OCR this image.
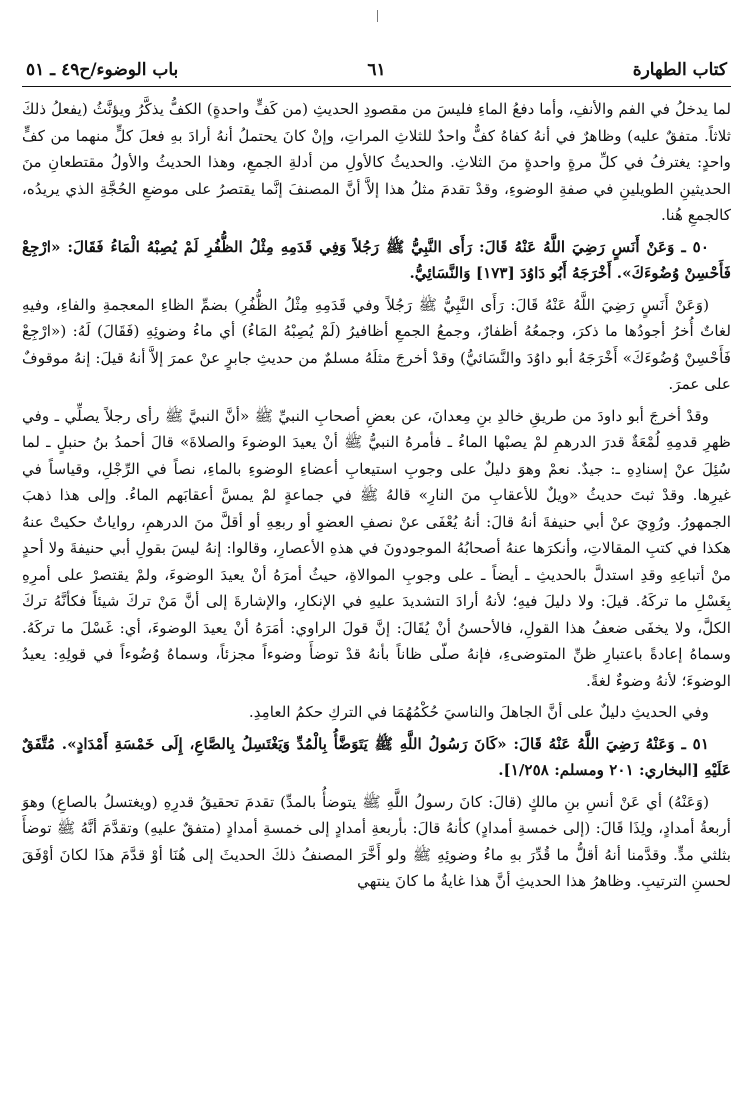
كتاب الطهارة
٦١
باب الوضوء/ح٤٩ ـ ٥١

لما يدخلُ في الفم والأنفِ، وأما دفعُ الماءِ فليسَ من مقصودِ الحديثِ (من كَفٍّ واحدةٍ) الكفُّ يذكَّرُ ويؤنَّثُ (يفعلُ ذلكَ ثلاثاً. متفقٌ عليه) وظاهرٌ في أنهُ كفاهُ كفٌّ واحدٌ للثلاثِ المراتِ، وإنْ كانَ يحتملُ أنهُ أرادَ بهِ فعلَ كلٍّ منهما من كفٍّ واحدٍ: يغترفُ في كلِّ مرةٍ واحدةٍ منَ الثلاثِ. والحديثُ كالأولِ من أدلةِ الجمعِ، وهذا الحديثُ والأولُ مقتطعانِ منَ الحديثينِ الطويلينِ في صفةِ الوضوءِ، وقدْ تقدمَ مثلُ هذا إلاَّ أنَّ المصنفَ إنَّما يقتصرُ على موضعِ الحُجَّةِ الذي يريدُه، كالجمعِ هُنا.

٥٠ ـ وَعَنْ أَنَسٍ رَضِيَ اللَّهُ عَنْهُ قَالَ: رَأَى النَّبِيُّ ﷺ رَجُلاً وَفِي قَدَمِهِ مِثْلُ الظُّفُرِ لَمْ يُصِبْهُ الْمَاءُ فَقَالَ: «ارْجِعْ فَأَحْسِنْ وُضُوءَكَ». أَخْرَجَهُ أَبُو دَاوُدَ [١٧٣] وَالنَّسَائِيُّ.

(وَعَنْ أَنَسٍ رَضِيَ اللَّهُ عَنْهُ قَالَ: رَأَى النَّبِيُّ ﷺ رَجُلاً وفي قَدَمِهِ مِثْلُ الظُّفُرِ) بضمِّ الظاءِ المعجمةِ والفاءِ، وفيهِ لغاتٌ أُخرُ أجودُها ما ذكرَ، وجمعُهُ أظفارٌ، وجمعُ الجمعِ أظافيرُ (لَمْ يُصِبْهُ المَاءُ) أي ماءُ وضوئِهِ (فَقَالَ) لَهُ: («ارْجِعْ فَأَحْسِنْ وُضُوءَكَ» أَخْرَجَهُ أبو داوُدَ والنَّسَائيُّ) وقدْ أخرجَ مثلَهُ مسلمٌ من حديثِ جابرٍ عنْ عمرَ إلاَّ أنهُ قيلَ: إنهُ موقوفٌ على عمرَ.

وقدْ أخرجَ أبو داودَ من طريقِ خالدِ بنِ مِعدانَ، عن بعضِ أصحابِ النبيِّ ﷺ «أنَّ النبيَّ ﷺ رأى رجلاً يصلِّي ـ وفي ظهرِ قدمِهِ لُمْعَةٌ قدرَ الدرهمِ لمْ يصبْها الماءُ ـ فأمرهُ النبيُّ ﷺ أنْ يعيدَ الوضوءَ والصلاةَ» قالَ أحمدُ بنُ حنبلٍ ـ لما سُئِلَ عنْ إسنادِهِ ـ: جيدٌ. نعمْ وهوَ دليلٌ على وجوبِ استيعابِ أعضاءِ الوضوءِ بالماءِ، نصاً في الرِّجْلِ، وقياساً في غيرِها. وقدْ ثبتَ حديثُ «ويلٌ للأعقابِ منَ النارِ» قالهُ ﷺ في جماعةٍ لمْ يمسَّ أعقابَهم الماءُ. وإلى هذا ذهبَ الجمهورُ. ورُوِيَ عنْ أبي حنيفةَ أنهُ قالَ: أنهُ يُعْفَى عنْ نصفِ العضوِ أو ربعِهِ أو أقلَّ منَ الدرهمِ، رواياتٌ حكيتْ عنهُ هكذا في كتبِ المقالاتِ، وأنكرَها عنهُ أصحابُهُ الموجودونَ في هذهِ الأعصارِ، وقالوا: إنهُ ليسَ بقولِ أبي حنيفةَ ولا أحدٍ منْ أتباعِهِ وقدِ استدلَّ بالحديثِ ـ أيضاً ـ على وجوبِ الموالاةِ، حيثُ أمرَهُ أنْ يعيدَ الوضوءَ، ولمْ يقتصرْ على أمرِهِ بِغَسْلِ ما تركَهُ. قيلَ: ولا دليلَ فيهِ؛ لأنهُ أرادَ التشديدَ عليهِ في الإنكارِ، والإشارةَ إلى أنَّ مَنْ تركَ شيئاً فكأنَّهُ تركَ الكلَّ، ولا يخفَى ضعفُ هذا القولِ، فالأحسنُ أنْ يُقَالَ: إنَّ قولَ الراوي: أمَرَهُ أنْ يعيدَ الوضوءَ، أي: غَسْلَ ما تركَهُ. وسماهُ إعادةً باعتبارِ ظنِّ المتوضىءِ، فإنهُ صلّى ظاناً بأنهُ قدْ توضأَ وضوءاً مجزئاً، وسماهُ وُضُوءاً في قولِهِ: يعيدُ الوضوءَ؛ لأنهُ وضوءٌ لغةً.

وفي الحديثِ دليلٌ على أنَّ الجاهلَ والناسيَ حُكْمُهُمَا في التركِ حكمُ العامِدِ.

٥١ ـ وَعَنْهُ رَضِيَ اللَّهُ عَنْهُ قَالَ: «كَانَ رَسُولُ اللَّهِ ﷺ يَتَوَضَّأُ بِالْمُدِّ وَيَغْتَسِلُ بِالصَّاعِ، إِلَى خَمْسَةِ أَمْدَادٍ». مُتَّفَقٌ عَلَيْهِ [البخاري: ٢٠١ ومسلم: ١/٢٥٨].

(وَعَنْهُ) أي عَنْ أنسِ بنِ مالكٍ (قالَ: كانَ رسولُ اللَّهِ ﷺ يتوضأُ بالمدِّ) تقدمَ تحقيقُ قدرِهِ (ويغتسلُ بالصاعِ) وهوَ أربعةُ أمدادٍ، ولِذَا قَالَ: (إلى خمسةِ أمدادٍ) كأنهُ قالَ: بأربعةِ أمدادٍ إلى خمسةِ أمدادٍ (متفقٌ عليهِ) وتقدَّمَ أنَّهُ ﷺ توضأَ بثلثي مدٍّ. وقدَّمنا أنهُ أقلُّ ما قُدِّرَ بهِ ماءُ وضوئِهِ ﷺ ولو أَخَّرَ المصنفُ ذلكَ الحديثَ إلى هُنَا أوْ قدَّمَ هذَا لكانَ أوْفَقَ لحسنِ الترتيبِ. وظاهرُ هذا الحديثِ أنَّ هذا غايةُ ما كانَ ينتهي
